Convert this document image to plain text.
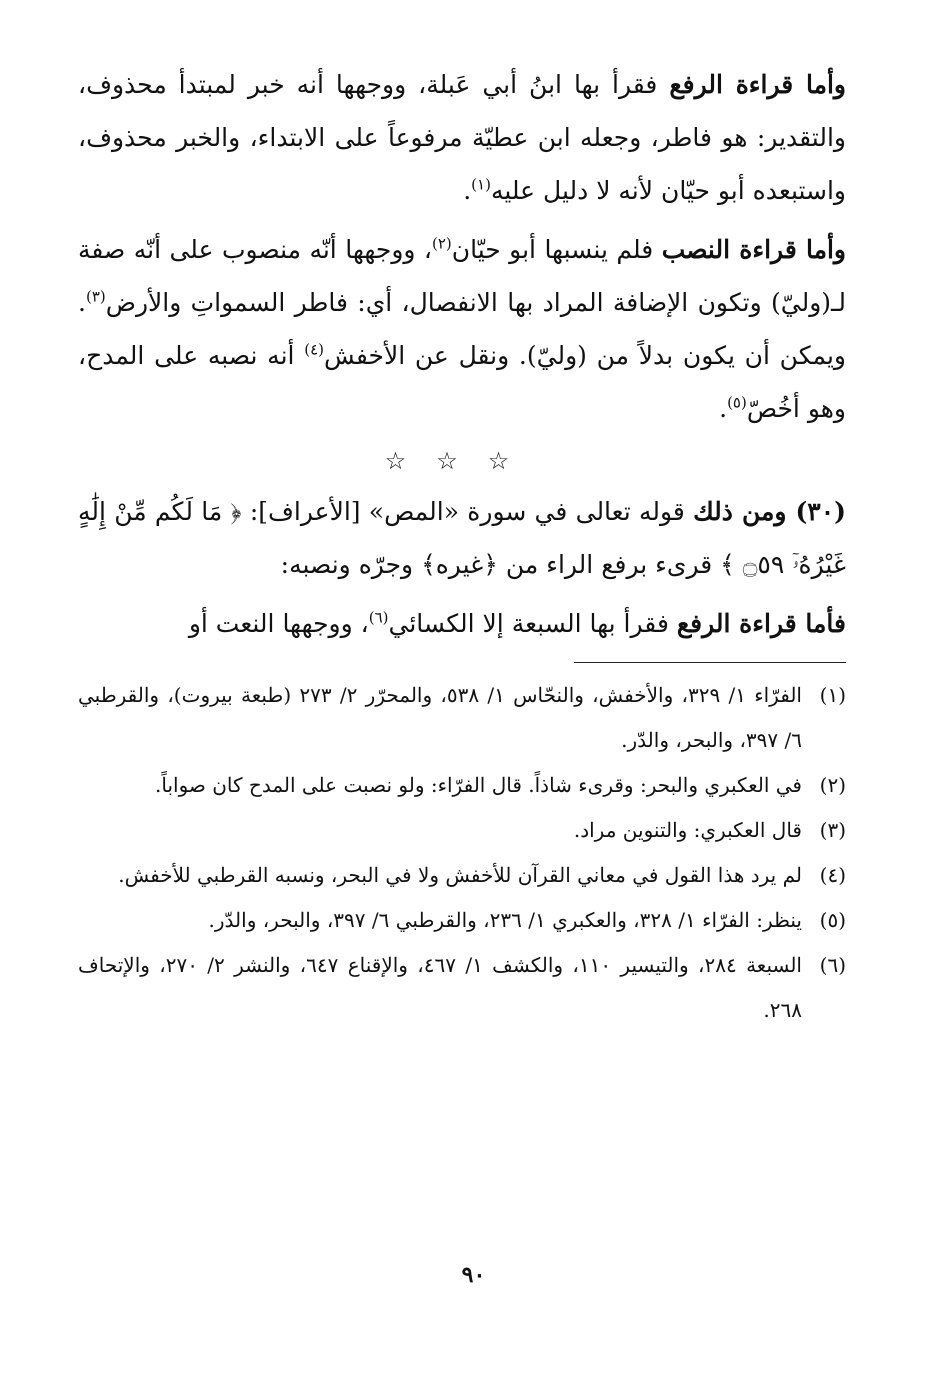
وأما قراءة الرفع فقرأ بها ابنُ أبي عَبلة، ووجهها أنه خبر لمبتدأ محذوف، والتقدير: هو فاطر، وجعله ابن عطيّة مرفوعاً على الابتداء، والخبر محذوف، واستبعده أبو حيّان لأنه لا دليل عليه$^{(١)}$.

وأما قراءة النصب فلم ينسبها أبو حيّان$^{(٢)}$، ووجهها أنّه منصوب على أنّه صفة لـ(وليّ) وتكون الإضافة المراد بها الانفصال، أي: فاطر السمواتِ والأرض$^{(٣)}$. ويمكن أن يكون بدلاً من (وليّ). ونقل عن الأخفش$^{(٤)}$ أنه نصبه على المدح، وهو أخُصّ$^{(٥)}$.

☆☆☆

(٣٠) ومن ذلك قوله تعالى في سورة «المص» [الأعراف]: ﴿ مَا لَكُم مِّنْ إِلَٰهٍ غَيْرُهُۥٓ ۝٥٩ ﴾ قرىء برفع الراء من ﴿غيره﴾ وجرّه ونصبه:

فأما قراءة الرفع فقرأ بها السبعة إلا الكسائي$^{(٦)}$، ووجهها النعت أو

(١)
الفرّاء ١/ ٣٢٩، والأخفش، والنحّاس ١/ ٥٣٨، والمحرّر ٢/ ٢٧٣ (طبعة بيروت)، والقرطبي ٦/ ٣٩٧، والبحر، والدّر.
(٢)
في العكبري والبحر: وقرىء شاذاً. قال الفرّاء: ولو نصبت على المدح كان صواباً.
(٣)
قال العكبري: والتنوين مراد.
(٤)
لم يرد هذا القول في معاني القرآن للأخفش ولا في البحر، ونسبه القرطبي للأخفش.
(٥)
ينظر: الفرّاء ١/ ٣٢٨، والعكبري ١/ ٢٣٦، والقرطبي ٦/ ٣٩٧، والبحر، والدّر.
(٦)
السبعة ٢٨٤، والتيسير ١١٠، والكشف ١/ ٤٦٧، والإقناع ٦٤٧، والنشر ٢/ ٢٧٠، والإتحاف ٢٦٨.
٩٠
